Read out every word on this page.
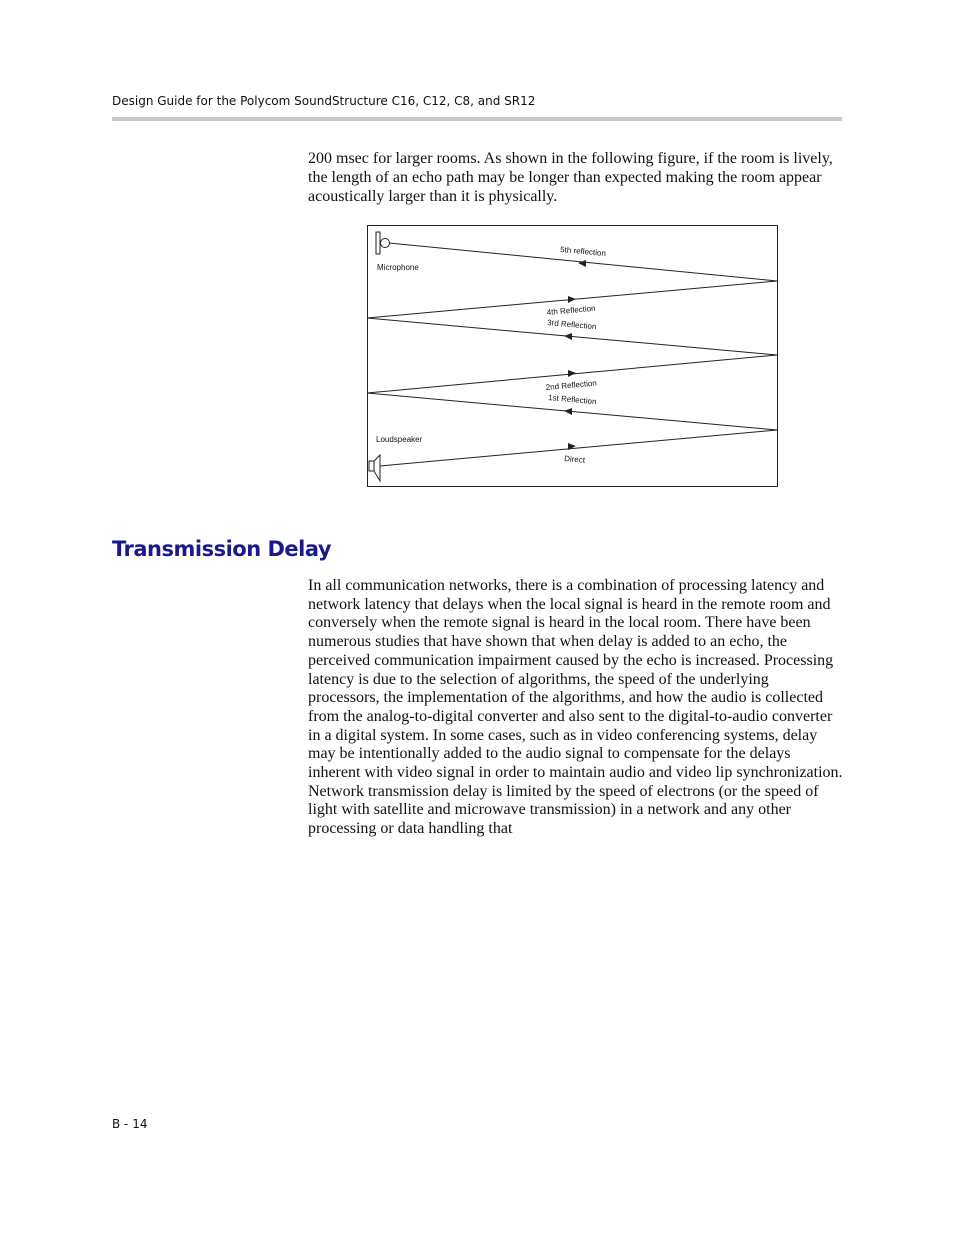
Design Guide for the Polycom SoundStructure C16, C12, C8, and SR12

200 msec for larger rooms. As shown in the following figure, if the room is lively, the length of an echo path may be longer than expected making the room appear acoustically larger than it is physically.

Microphone
Loudspeaker
5th reflection
4th Reflection
3rd Reflection
2nd Reflection
1st Reflection
Direct
Transmission Delay

In all communication networks, there is a combination of processing latency and network latency that delays when the local signal is heard in the remote room and conversely when the remote signal is heard in the local room. There have been numerous studies that have shown that when delay is added to an echo, the perceived communication impairment caused by the echo is increased. Processing latency is due to the selection of algorithms, the speed of the underlying processors, the implementation of the algorithms, and how the audio is collected from the analog-to-digital converter and also sent to the digital-to-audio converter in a digital system. In some cases, such as in video conferencing systems, delay may be intentionally added to the audio signal to compensate for the delays inherent with video signal in order to maintain audio and video lip synchronization. Network transmission delay is limited by the speed of electrons (or the speed of light with satellite and microwave transmission) in a network and any other processing or data handling that

B - 14
